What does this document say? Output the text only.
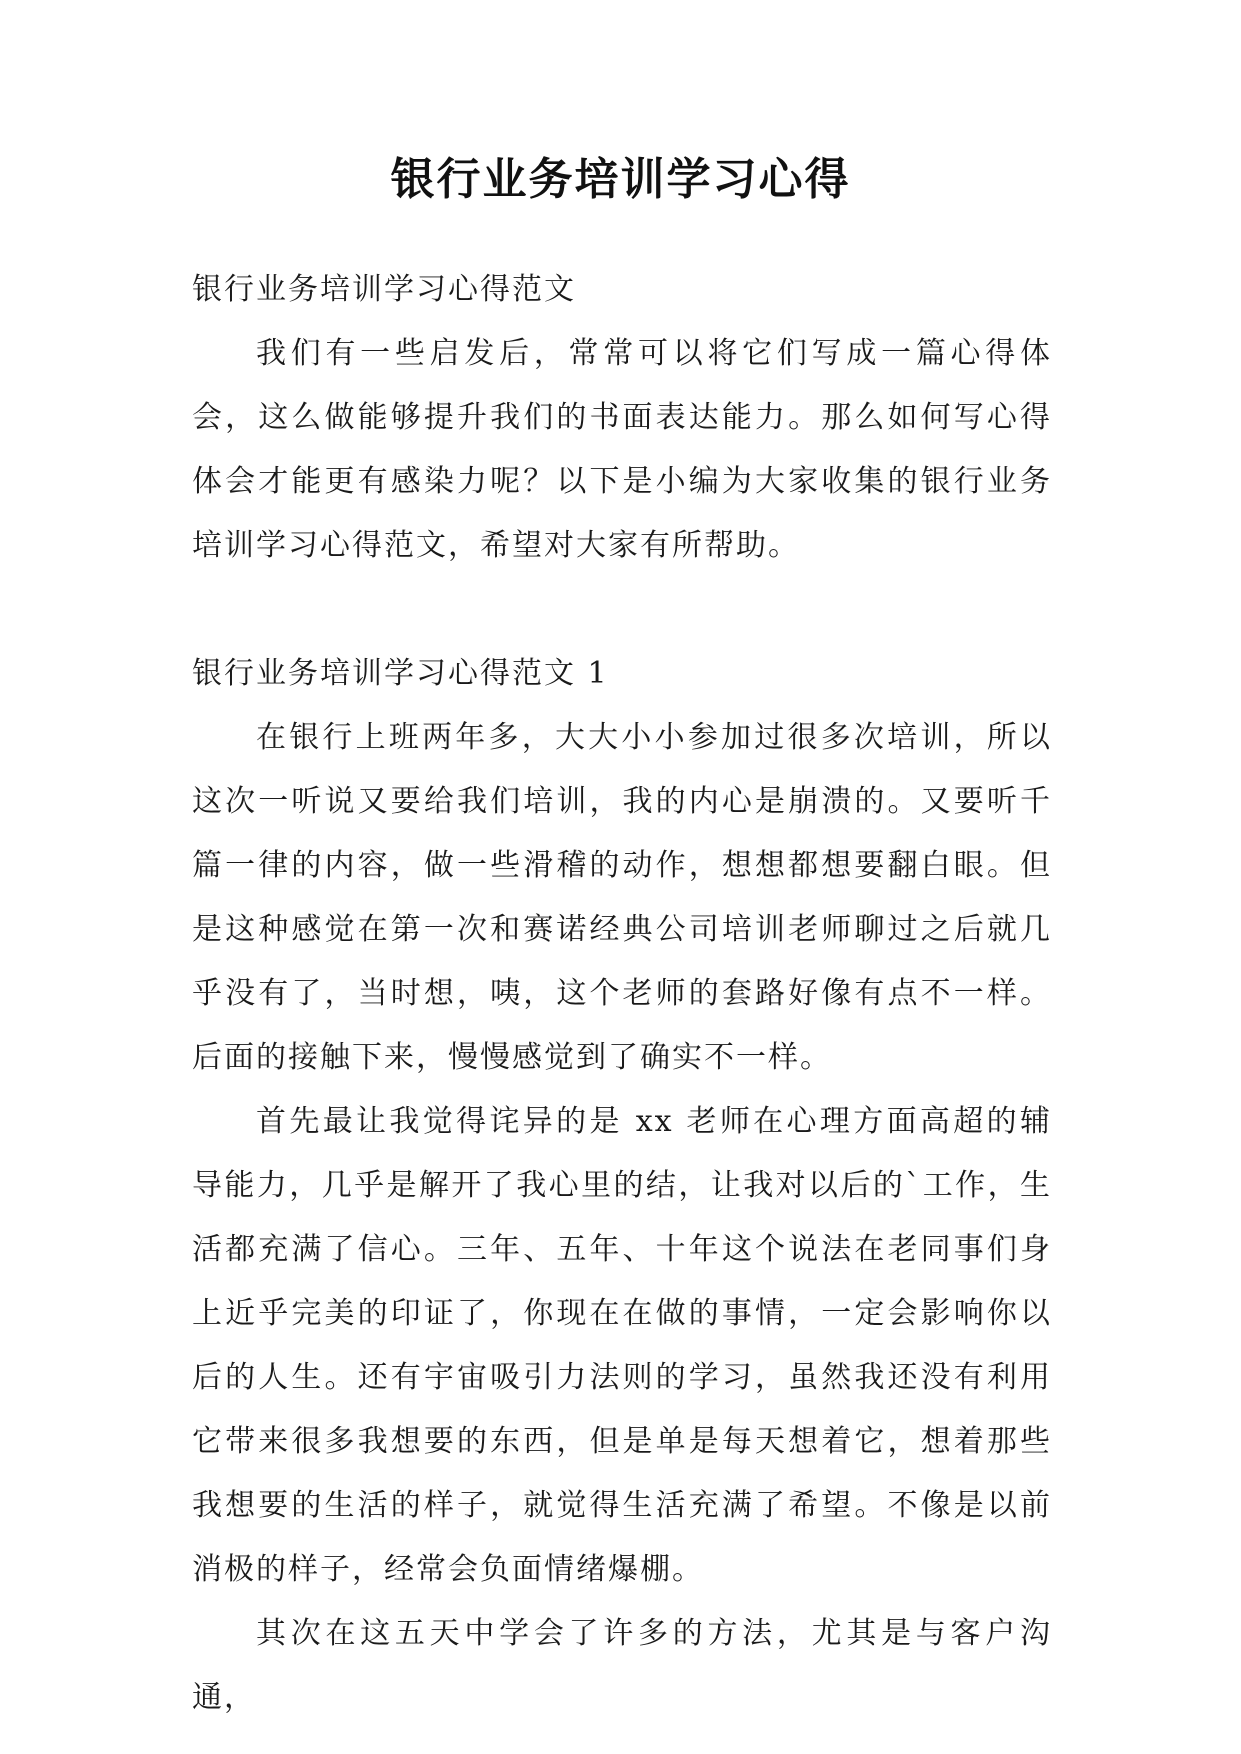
银行业务培训学习心得

银行业务培训学习心得范文

我们有一些启发后，常常可以将它们写成一篇心得体会，这么做能够提升我们的书面表达能力。那么如何写心得体会才能更有感染力呢？以下是小编为大家收集的银行业务培训学习心得范文，希望对大家有所帮助。

银行业务培训学习心得范文 1

在银行上班两年多，大大小小参加过很多次培训，所以这次一听说又要给我们培训，我的内心是崩溃的。又要听千篇一律的内容，做一些滑稽的动作，想想都想要翻白眼。但是这种感觉在第一次和赛诺经典公司培训老师聊过之后就几乎没有了，当时想，咦，这个老师的套路好像有点不一样。后面的接触下来，慢慢感觉到了确实不一样。

首先最让我觉得诧异的是 xx 老师在心理方面高超的辅导能力，几乎是解开了我心里的结，让我对以后的`工作，生活都充满了信心。三年、五年、十年这个说法在老同事们身上近乎完美的印证了，你现在在做的事情，一定会影响你以后的人生。还有宇宙吸引力法则的学习，虽然我还没有利用它带来很多我想要的东西，但是单是每天想着它，想着那些我想要的生活的样子，就觉得生活充满了希望。不像是以前消极的样子，经常会负面情绪爆棚。

其次在这五天中学会了许多的方法，尤其是与客户沟通，
